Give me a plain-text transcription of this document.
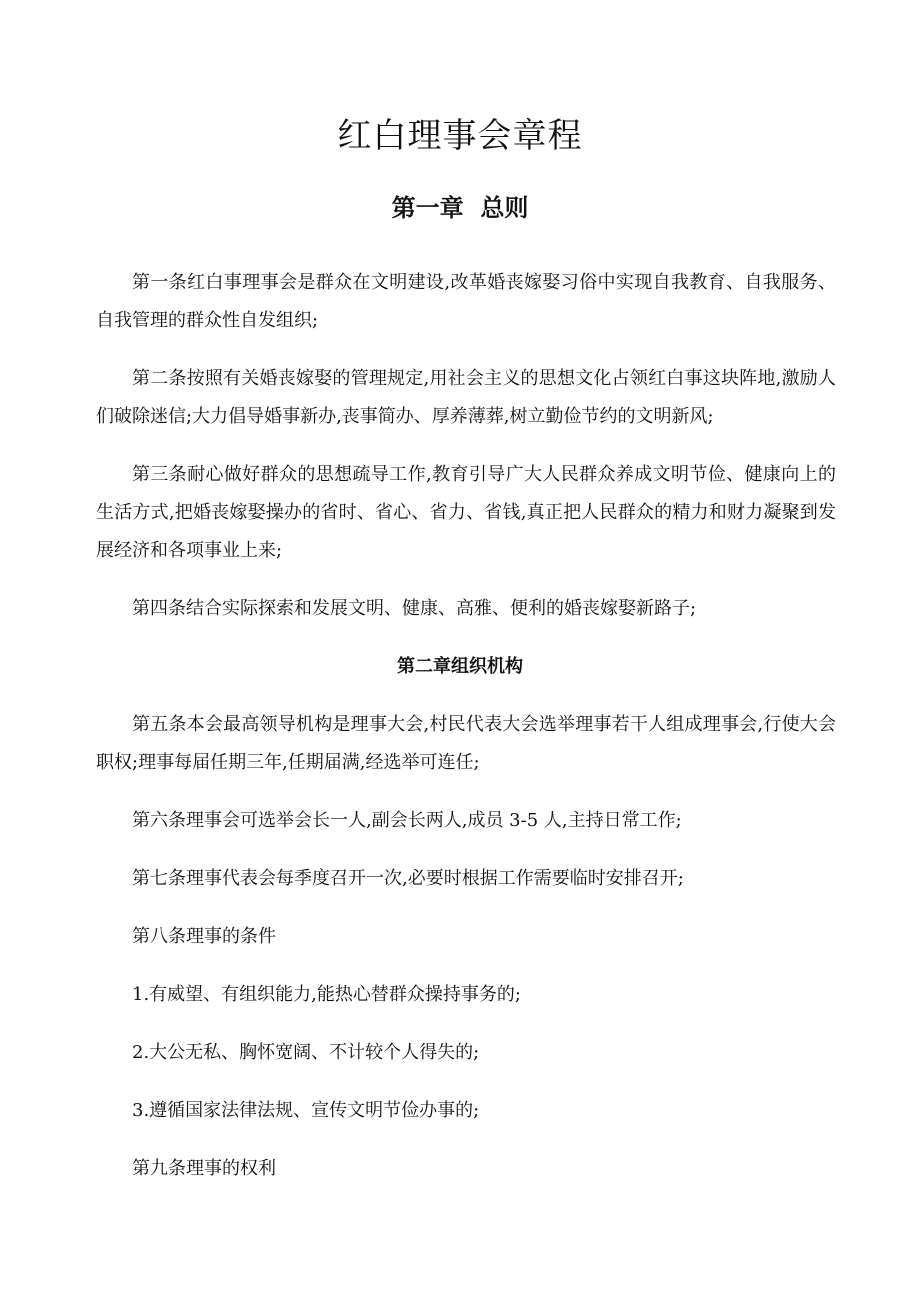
红白理事会章程
第一章  总则

第一条红白事理事会是群众在文明建设,改革婚丧嫁娶习俗中实现自我教育、自我服务、自我管理的群众性自发组织;

第二条按照有关婚丧嫁娶的管理规定,用社会主义的思想文化占领红白事这块阵地,激励人们破除迷信;大力倡导婚事新办,丧事简办、厚养薄葬,树立勤俭节约的文明新风;

第三条耐心做好群众的思想疏导工作,教育引导广大人民群众养成文明节俭、健康向上的生活方式,把婚丧嫁娶操办的省时、省心、省力、省钱,真正把人民群众的精力和财力凝聚到发展经济和各项事业上来;

第四条结合实际探索和发展文明、健康、高雅、便利的婚丧嫁娶新路子;

第二章组织机构

第五条本会最高领导机构是理事大会,村民代表大会选举理事若干人组成理事会,行使大会职权;理事每届任期三年,任期届满,经选举可连任;

第六条理事会可选举会长一人,副会长两人,成员 3-5 人,主持日常工作;

第七条理事代表会每季度召开一次,必要时根据工作需要临时安排召开;

第八条理事的条件

1.有威望、有组织能力,能热心替群众操持事务的;

2.大公无私、胸怀宽阔、不计较个人得失的;

3.遵循国家法律法规、宣传文明节俭办事的;

第九条理事的权利
